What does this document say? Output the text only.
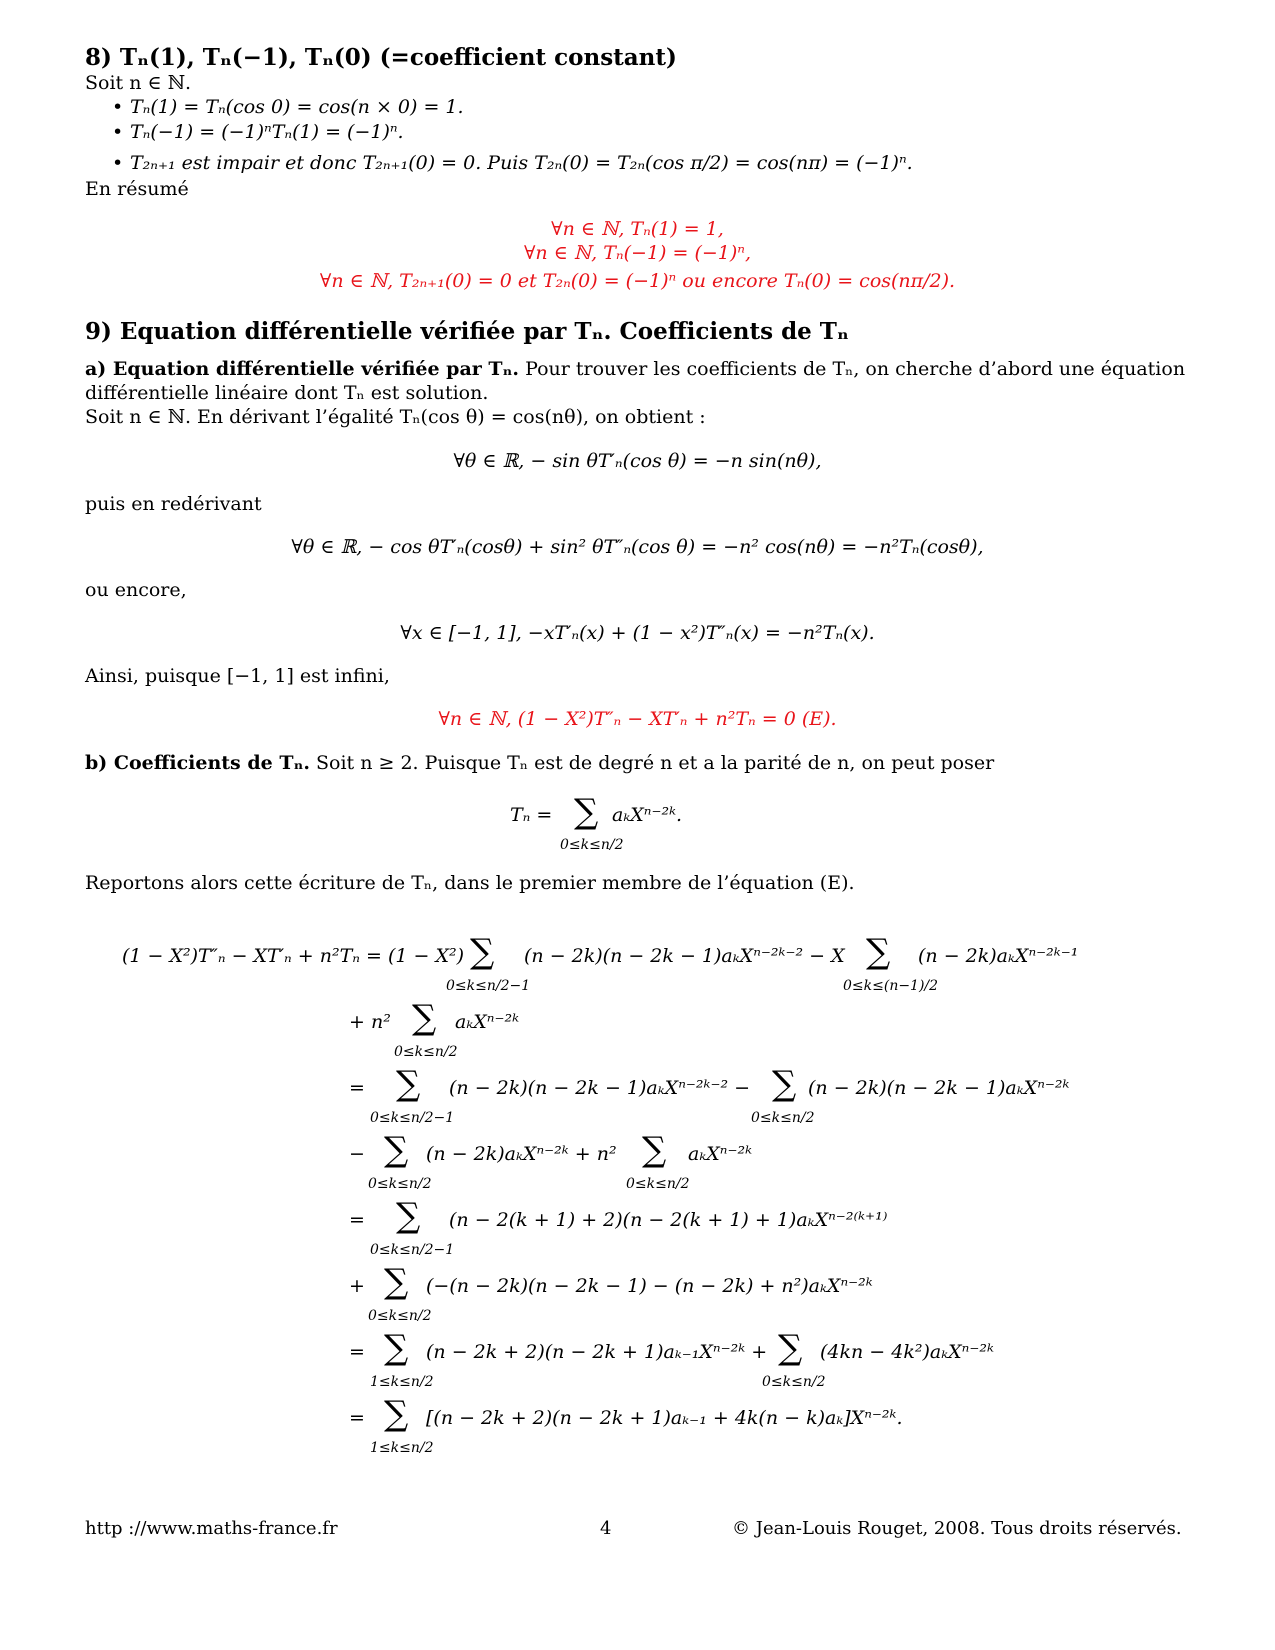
8) Tₙ(1), Tₙ(−1), Tₙ(0) (=coefficient constant)
Soit n ∈ ℕ.
• Tₙ(1) = Tₙ(cos 0) = cos(n × 0) = 1.
• Tₙ(−1) = (−1)ⁿTₙ(1) = (−1)ⁿ.
• T₂ₙ₊₁ est impair et donc T₂ₙ₊₁(0) = 0. Puis T₂ₙ(0) = T₂ₙ(cos π/2) = cos(nπ) = (−1)ⁿ.
En résumé
∀n ∈ ℕ, Tₙ(1) = 1,
∀n ∈ ℕ, Tₙ(−1) = (−1)ⁿ,
∀n ∈ ℕ, T₂ₙ₊₁(0) = 0 et T₂ₙ(0) = (−1)ⁿ ou encore Tₙ(0) = cos(nπ/2).
9) Equation différentielle vérifiée par Tₙ. Coefficients de Tₙ
a) Equation différentielle vérifiée par Tₙ. Pour trouver les coefficients de Tₙ, on cherche d’abord une équation
différentielle linéaire dont Tₙ est solution.
Soit n ∈ ℕ. En dérivant l’égalité Tₙ(cos θ) = cos(nθ), on obtient :
∀θ ∈ ℝ, − sin θT′ₙ(cos θ) = −n sin(nθ),
puis en redérivant
∀θ ∈ ℝ, − cos θT′ₙ(cosθ) + sin² θT″ₙ(cos θ) = −n² cos(nθ) = −n²Tₙ(cosθ),
ou encore,
∀x ∈ [−1, 1], −xT′ₙ(x) + (1 − x²)T″ₙ(x) = −n²Tₙ(x).
Ainsi, puisque [−1, 1] est infini,
∀n ∈ ℕ, (1 − X²)T″ₙ − XT′ₙ + n²Tₙ = 0 (E).
b) Coefficients de Tₙ. Soit n ≥ 2. Puisque Tₙ est de degré n et a la parité de n, on peut poser
Tₙ = ∑
0≤k≤n/2
aₖXⁿ⁻²ᵏ.
Reportons alors cette écriture de Tₙ, dans le premier membre de l’équation (E).
(1 − X²)T″ₙ − XT′ₙ + n²Tₙ = (1 − X²) ∑
0≤k≤n/2−1
(n − 2k)(n − 2k − 1)aₖXⁿ⁻²ᵏ⁻² − X ∑
0≤k≤(n−1)/2
(n − 2k)aₖXⁿ⁻²ᵏ⁻¹
+ n² ∑
0≤k≤n/2
aₖXⁿ⁻²ᵏ
= ∑
0≤k≤n/2−1
(n − 2k)(n − 2k − 1)aₖXⁿ⁻²ᵏ⁻² − ∑
0≤k≤n/2
(n − 2k)(n − 2k − 1)aₖXⁿ⁻²ᵏ
− ∑
0≤k≤n/2
(n − 2k)aₖXⁿ⁻²ᵏ + n² ∑
0≤k≤n/2
aₖXⁿ⁻²ᵏ
= ∑
0≤k≤n/2−1
(n − 2(k + 1) + 2)(n − 2(k + 1) + 1)aₖXⁿ⁻²⁽ᵏ⁺¹⁾
+ ∑
0≤k≤n/2
(−(n − 2k)(n − 2k − 1) − (n − 2k) + n²)aₖXⁿ⁻²ᵏ
= ∑
1≤k≤n/2
(n − 2k + 2)(n − 2k + 1)aₖ₋₁Xⁿ⁻²ᵏ + ∑
0≤k≤n/2
(4kn − 4k²)aₖXⁿ⁻²ᵏ
= ∑
1≤k≤n/2
[(n − 2k + 2)(n − 2k + 1)aₖ₋₁ + 4k(n − k)aₖ]Xⁿ⁻²ᵏ.
http ://www.maths-france.fr	4	© Jean-Louis Rouget, 2008. Tous droits réservés.
